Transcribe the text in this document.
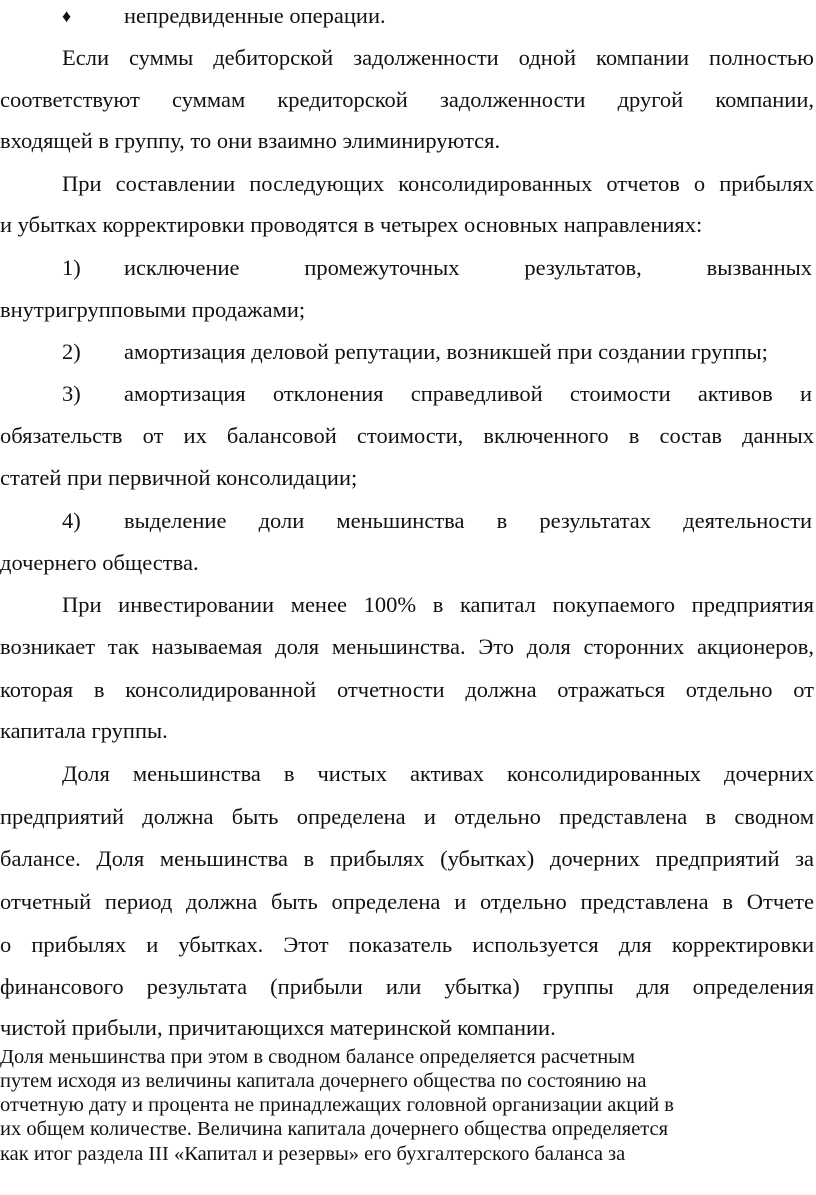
♦ непредвиденные операции.
Если суммы дебиторской задолженности одной компании полностью
соответствуют суммам кредиторской задолженности другой компании,
входящей в группу, то они взаимно элиминируются.
При составлении последующих консолидированных отчетов о прибылях
и убытках корректировки проводятся в четырех основных направлениях:
1) исключение промежуточных результатов, вызванных
внутригрупповыми продажами;
2) амортизация деловой репутации, возникшей при создании группы;
3) амортизация отклонения справедливой стоимости активов и
обязательств от их балансовой стоимости, включенного в состав данных
статей при первичной консолидации;
4) выделение доли меньшинства в результатах деятельности
дочернего общества.
При инвестировании менее 100% в капитал покупаемого предприятия
возникает так называемая доля меньшинства. Это доля сторонних акционеров,
которая в консолидированной отчетности должна отражаться отдельно от
капитала группы.
Доля меньшинства в чистых активах консолидированных дочерних
предприятий должна быть определена и отдельно представлена в сводном
балансе. Доля меньшинства в прибылях (убытках) дочерних предприятий за
отчетный период должна быть определена и отдельно представлена в Отчете
о прибылях и убытках. Этот показатель используется для корректировки
финансового результата (прибыли или убытка) группы для определения
чистой прибыли, причитающихся материнской компании.
Доля меньшинства при этом в сводном балансе определяется расчетным
путем исходя из величины капитала дочернего общества по состоянию на
отчетную дату и процента не принадлежащих головной организации акций в
их общем количестве. Величина капитала дочернего общества определяется
как итог раздела III «Капитал и резервы» его бухгалтерского баланса за
